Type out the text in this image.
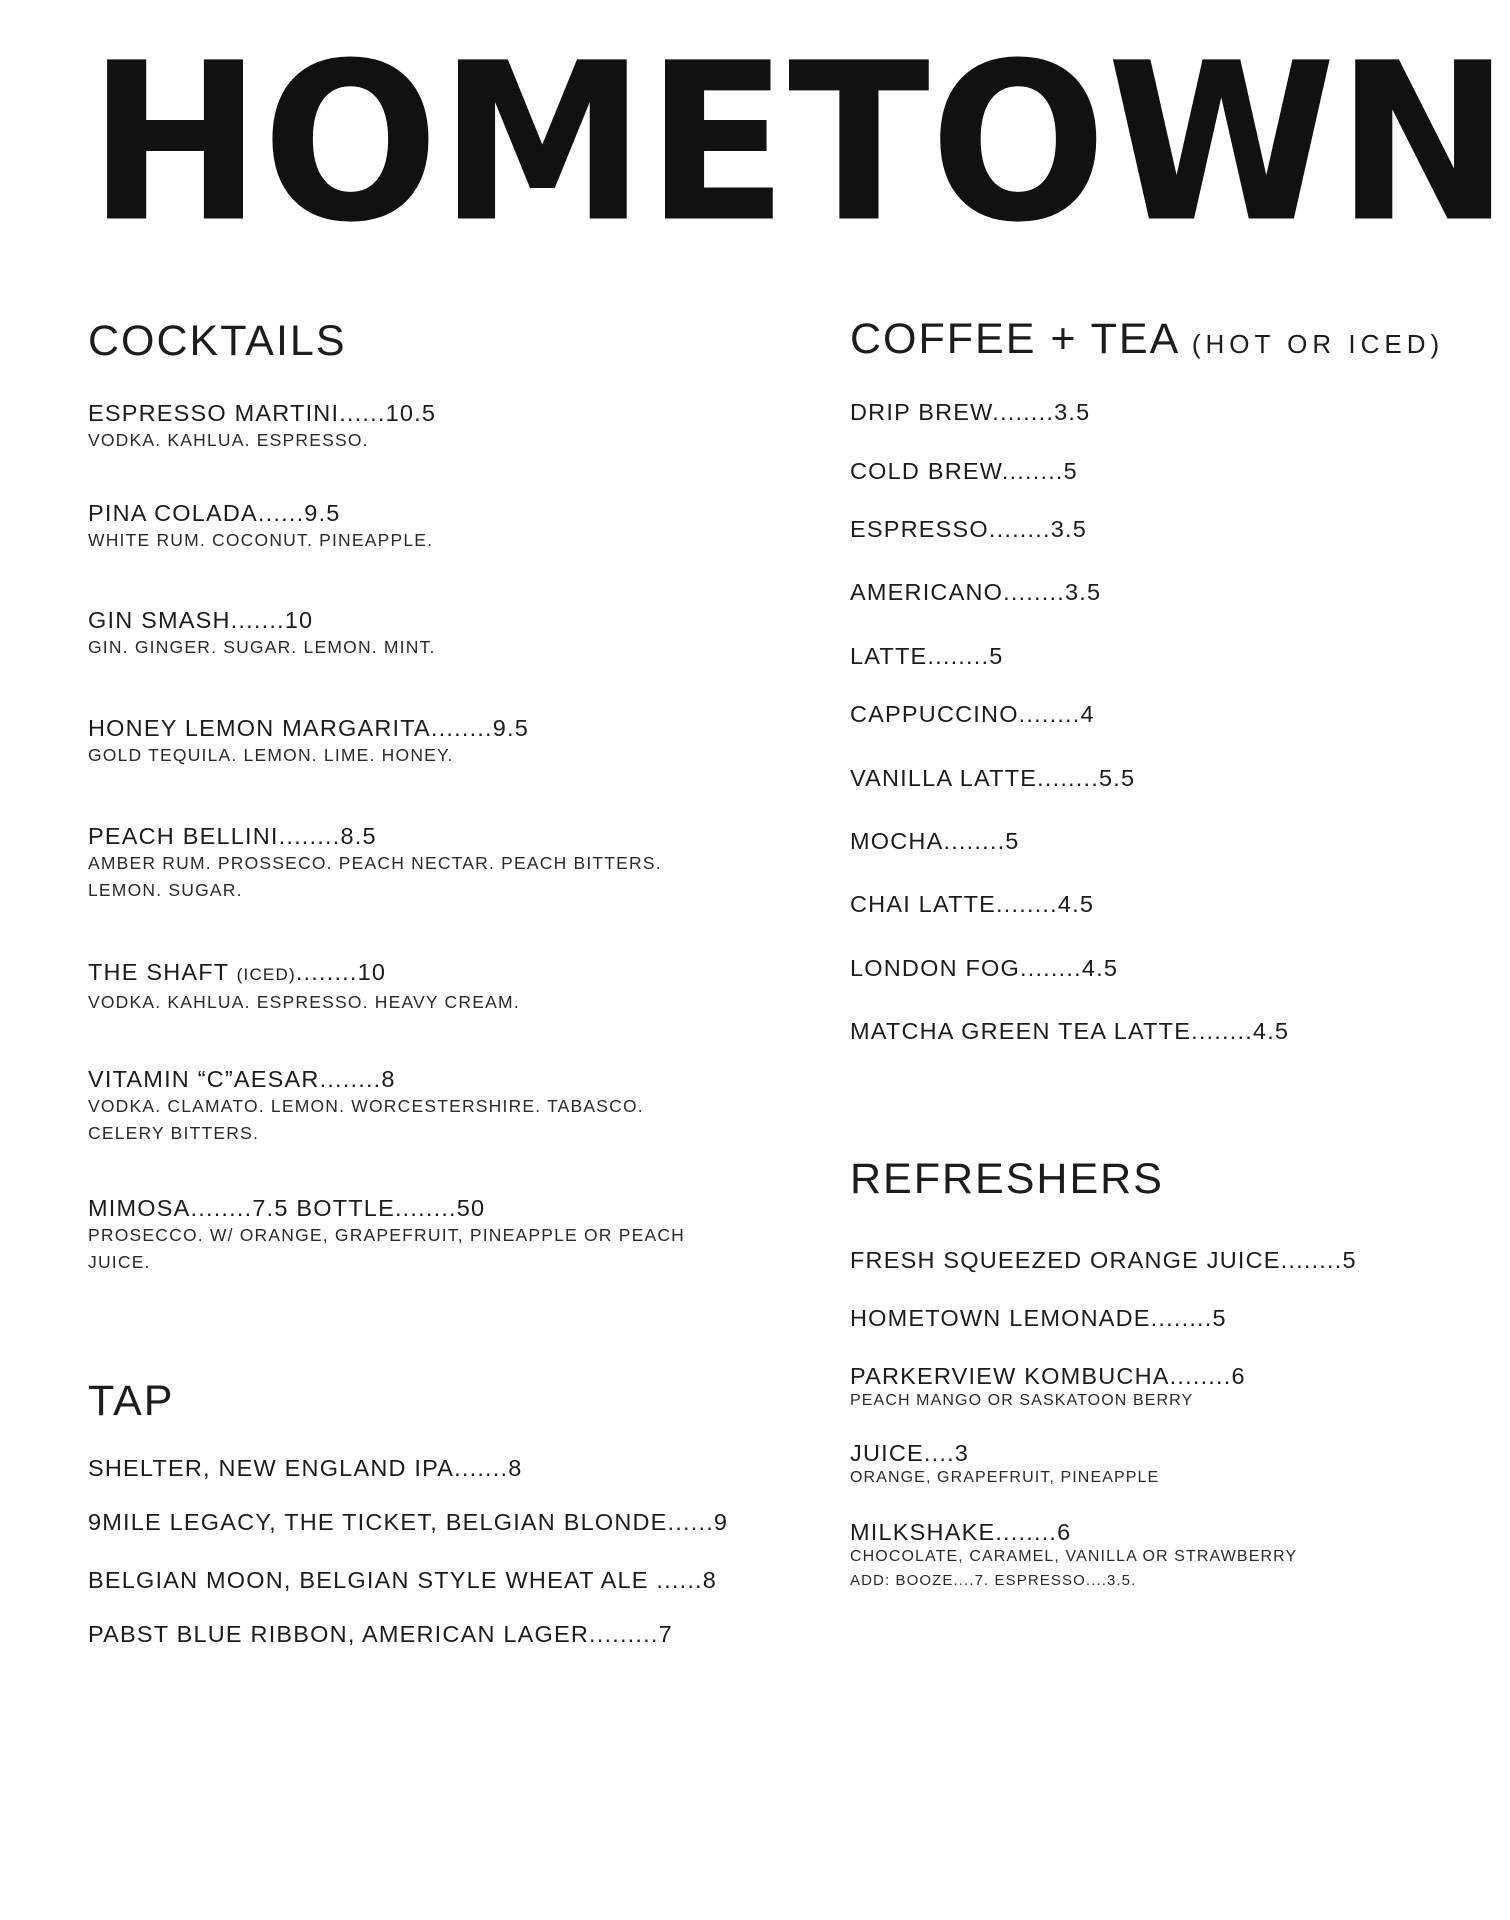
H O M E T O W N
COCKTAILS
ESPRESSO MARTINI......10.5
VODKA. KAHLUA. ESPRESSO.
PINA COLADA......9.5
WHITE RUM. COCONUT. PINEAPPLE.
GIN SMASH.......10
GIN. GINGER. SUGAR. LEMON. MINT.
HONEY LEMON MARGARITA........9.5
GOLD TEQUILA. LEMON. LIME. HONEY.
PEACH BELLINI........8.5
AMBER RUM. PROSSECO. PEACH NECTAR. PEACH BITTERS. LEMON. SUGAR.
THE SHAFT (ICED)........10
VODKA. KAHLUA. ESPRESSO. HEAVY CREAM.
VITAMIN “C”AESAR........8
VODKA. CLAMATO. LEMON. WORCESTERSHIRE. TABASCO. CELERY BITTERS.
MIMOSA........7.5 BOTTLE........50
PROSECCO. W/ ORANGE, GRAPEFRUIT, PINEAPPLE OR PEACH JUICE.
TAP
SHELTER, NEW ENGLAND IPA.......8
9MILE LEGACY, THE TICKET, BELGIAN BLONDE......9
BELGIAN MOON, BELGIAN STYLE WHEAT ALE ......8
PABST BLUE RIBBON, AMERICAN LAGER.........7
COFFEE + TEA (HOT OR ICED)
DRIP BREW........3.5
COLD BREW........5
ESPRESSO........3.5
AMERICANO........3.5
LATTE........5
CAPPUCCINO........4
VANILLA LATTE........5.5
MOCHA........5
CHAI LATTE........4.5
LONDON FOG........4.5
MATCHA GREEN TEA LATTE........4.5
REFRESHERS
FRESH SQUEEZED ORANGE JUICE........5
HOMETOWN LEMONADE........5
PARKERVIEW KOMBUCHA........6
PEACH MANGO OR SASKATOON BERRY
JUICE....3
ORANGE, GRAPEFRUIT, PINEAPPLE
MILKSHAKE........6
CHOCOLATE, CARAMEL, VANILLA OR STRAWBERRY
ADD: BOOZE....7. ESPRESSO....3.5.
